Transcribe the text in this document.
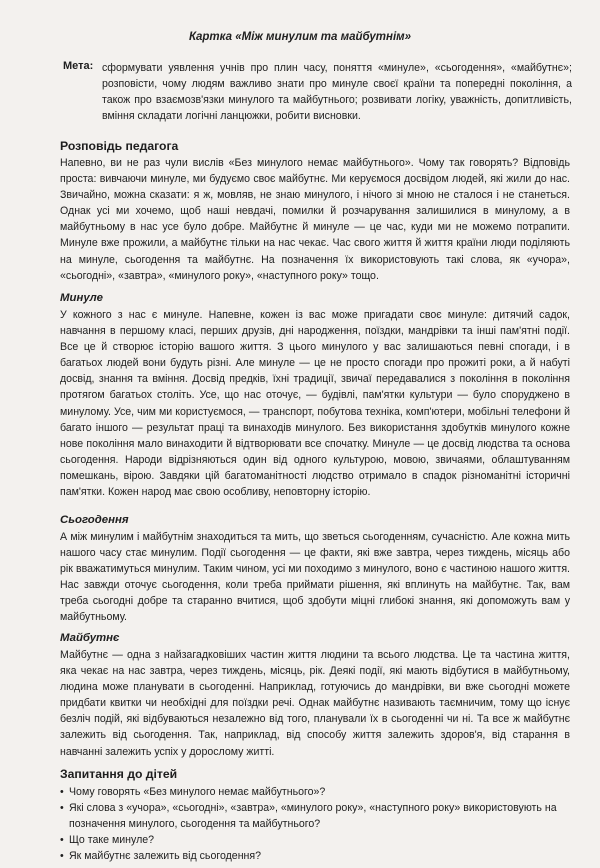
Картка «Між минулим та майбутнім»
Мета: сформувати уявлення учнів про плин часу, поняття «минуле», «сьогодення», «майбутнє»; розповісти, чому людям важливо знати про минуле своєї країни та попередні покоління, а також про взаємозв'язки минулого та майбутнього; розвивати логіку, уважність, допитливість, вміння складати логічні ланцюжки, робити висновки.
Розповідь педагога

Напевно, ви не раз чули вислів «Без минулого немає майбутнього». Чому так говорять? Відповідь проста: вивчаючи минуле, ми будуємо своє майбутнє. Ми керуємося досвідом людей, які жили до нас. Звичайно, можна сказати: я ж, мовляв, не знаю минулого, і нічого зі мною не сталося і не станеться. Однак усі ми хочемо, щоб наші невдачі, помилки й розчарування залишилися в минулому, а в майбутньому в нас усе було добре. Майбутнє й минуле — це час, куди ми не можемо потрапити. Минуле вже прожили, а майбутнє тільки на нас чекає. Час свого життя й життя країни люди поділяють на минуле, сьогодення та майбутнє. На позначення їх використовують такі слова, як «учора», «сьогодні», «завтра», «минулого року», «наступного року» тощо.

Минуле

У кожного з нас є минуле. Напевне, кожен із вас може пригадати своє минуле: дитячий садок, навчання в першому класі, перших друзів, дні народження, поїздки, мандрівки та інші пам'ятні події. Все це й створює історію вашого життя. З цього минулого у вас залишаються певні спогади, і в багатьох людей вони будуть різні. Але минуле — це не просто спогади про прожиті роки, а й набуті досвід, знання та вміння. Досвід предків, їхні традиції, звичаї передавалися з покоління в покоління протягом багатьох століть. Усе, що нас оточує, — будівлі, пам'ятки культури — було споруджено в минулому. Усе, чим ми користуємося, — транспорт, побутова техніка, комп'ютери, мобільні телефони й багато іншого — результат праці та винаходів минулого. Без використання здобутків минулого кожне нове покоління мало винаходити й відтворювати все спочатку. Минуле — це досвід людства та основа сьогодення. Народи відрізняються один від одного культурою, мовою, звичаями, облаштуванням помешкань, вірою. Завдяки цій багатоманітності людство отримало в спадок різноманітні історичні пам'ятки. Кожен народ має свою особливу, неповторну історію.

Сьогодення

А між минулим і майбутнім знаходиться та мить, що зветься сьогоденням, сучасністю. Але кожна мить нашого часу стає минулим. Події сьогодення — це факти, які вже завтра, через тиждень, місяць або рік вважатимуться минулим. Таким чином, усі ми походимо з минулого, воно є частиною нашого життя. Нас завжди оточує сьогодення, коли треба приймати рішення, які вплинуть на майбутнє. Так, вам треба сьогодні добре та старанно вчитися, щоб здобути міцні глибокі знання, які допоможуть вам у майбутньому.

Майбутнє

Майбутнє — одна з найзагадковіших частин життя людини та всього людства. Це та частина життя, яка чекає на нас завтра, через тиждень, місяць, рік. Деякі події, які мають відбутися в майбутньому, людина може планувати в сьогоденні. Наприклад, готуючись до мандрівки, ви вже сьогодні можете придбати квитки чи необхідні для поїздки речі. Однак майбутнє називають таємничим, тому що існує безліч подій, які відбуваються незалежно від того, планували їх в сьогоденні чи ні. Та все ж майбутнє залежить від сьогодення. Так, наприклад, від способу життя залежить здоров'я, від старання в навчанні залежить успіх у дорослому житті.

Запитання до дітей
• Чому говорять «Без минулого немає майбутнього»?
• Які слова з «учора», «сьогодні», «завтра», «минулого року», «наступного року» використовують на позначення минулого, сьогодення та майбутнього?
• Що таке минуле?
• Як майбутнє залежить від сьогодення?
